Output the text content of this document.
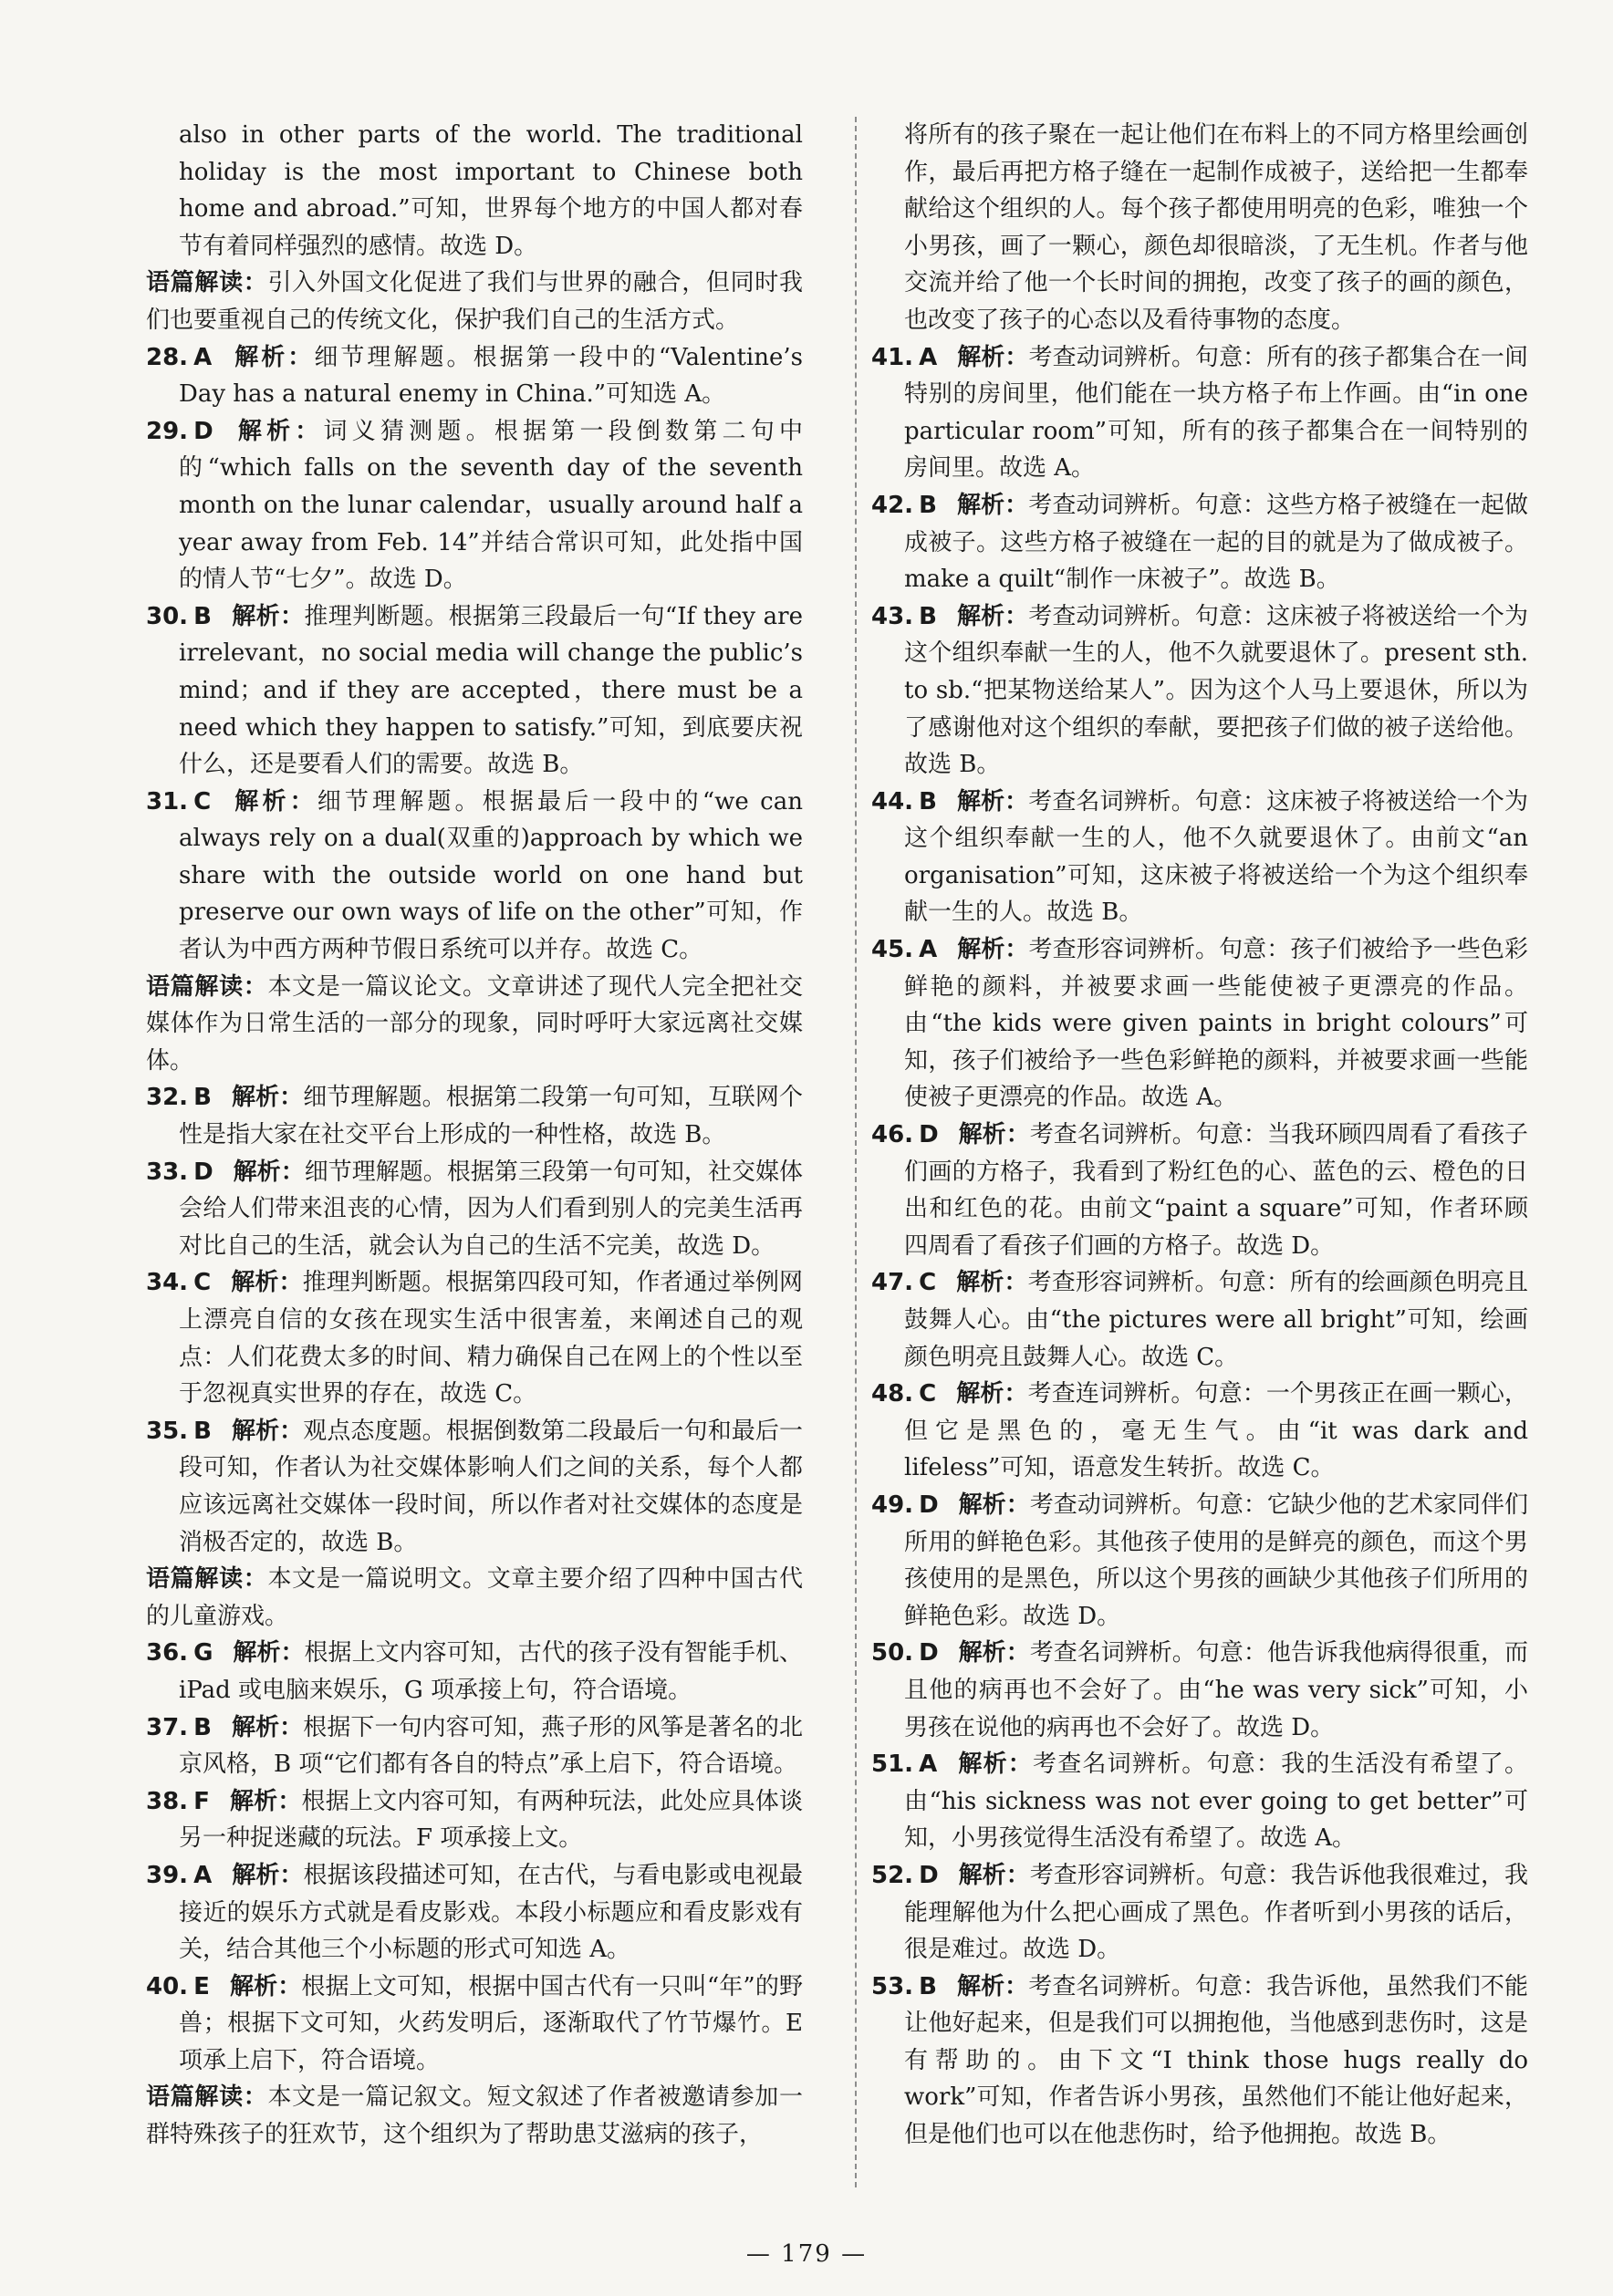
also in other parts of the world. The traditional holiday is the most important to Chinese both home and abroad.”可知，世界每个地方的中国人都对春节有着同样强烈的感情。故选 D。

语篇解读：引入外国文化促进了我们与世界的融合，但同时我们也要重视自己的传统文化，保护我们自己的生活方式。

28. A 解析：细节理解题。根据第一段中的“Valentine’s Day has a natural enemy in China.”可知选 A。

29. D 解析：词义猜测题。根据第一段倒数第二句中的“which falls on the seventh day of the seventh month on the lunar calendar，usually around half a year away from Feb. 14”并结合常识可知，此处指中国的情人节“七夕”。故选 D。

30. B 解析：推理判断题。根据第三段最后一句“If they are irrelevant，no social media will change the public’s mind；and if they are accepted，there must be a need which they happen to satisfy.”可知，到底要庆祝什么，还是要看人们的需要。故选 B。

31. C 解析：细节理解题。根据最后一段中的“we can always rely on a dual(双重的)approach by which we share with the outside world on one hand but preserve our own ways of life on the other”可知，作者认为中西方两种节假日系统可以并存。故选 C。

语篇解读：本文是一篇议论文。文章讲述了现代人完全把社交媒体作为日常生活的一部分的现象，同时呼吁大家远离社交媒体。

32. B 解析：细节理解题。根据第二段第一句可知，互联网个性是指大家在社交平台上形成的一种性格，故选 B。

33. D 解析：细节理解题。根据第三段第一句可知，社交媒体会给人们带来沮丧的心情，因为人们看到别人的完美生活再对比自己的生活，就会认为自己的生活不完美，故选 D。

34. C 解析：推理判断题。根据第四段可知，作者通过举例网上漂亮自信的女孩在现实生活中很害羞，来阐述自己的观点：人们花费太多的时间、精力确保自己在网上的个性以至于忽视真实世界的存在，故选 C。

35. B 解析：观点态度题。根据倒数第二段最后一句和最后一段可知，作者认为社交媒体影响人们之间的关系，每个人都应该远离社交媒体一段时间，所以作者对社交媒体的态度是消极否定的，故选 B。

语篇解读：本文是一篇说明文。文章主要介绍了四种中国古代的儿童游戏。

36. G 解析：根据上文内容可知，古代的孩子没有智能手机、iPad 或电脑来娱乐，G 项承接上句，符合语境。

37. B 解析：根据下一句内容可知，燕子形的风筝是著名的北京风格，B 项“它们都有各自的特点”承上启下，符合语境。

38. F 解析：根据上文内容可知，有两种玩法，此处应具体谈另一种捉迷藏的玩法。F 项承接上文。

39. A 解析：根据该段描述可知，在古代，与看电影或电视最接近的娱乐方式就是看皮影戏。本段小标题应和看皮影戏有关，结合其他三个小标题的形式可知选 A。

40. E 解析：根据上文可知，根据中国古代有一只叫“年”的野兽；根据下文可知，火药发明后，逐渐取代了竹节爆竹。E 项承上启下，符合语境。

语篇解读：本文是一篇记叙文。短文叙述了作者被邀请参加一群特殊孩子的狂欢节，这个组织为了帮助患艾滋病的孩子，

将所有的孩子聚在一起让他们在布料上的不同方格里绘画创作，最后再把方格子缝在一起制作成被子，送给把一生都奉献给这个组织的人。每个孩子都使用明亮的色彩，唯独一个小男孩，画了一颗心，颜色却很暗淡，了无生机。作者与他交流并给了他一个长时间的拥抱，改变了孩子的画的颜色，也改变了孩子的心态以及看待事物的态度。

41. A 解析：考查动词辨析。句意：所有的孩子都集合在一间特别的房间里，他们能在一块方格子布上作画。由“in one particular room”可知，所有的孩子都集合在一间特别的房间里。故选 A。

42. B 解析：考查动词辨析。句意：这些方格子被缝在一起做成被子。这些方格子被缝在一起的目的就是为了做成被子。make a quilt“制作一床被子”。故选 B。

43. B 解析：考查动词辨析。句意：这床被子将被送给一个为这个组织奉献一生的人，他不久就要退休了。present sth. to sb.“把某物送给某人”。因为这个人马上要退休，所以为了感谢他对这个组织的奉献，要把孩子们做的被子送给他。故选 B。

44. B 解析：考查名词辨析。句意：这床被子将被送给一个为这个组织奉献一生的人，他不久就要退休了。由前文“an organisation”可知，这床被子将被送给一个为这个组织奉献一生的人。故选 B。

45. A 解析：考查形容词辨析。句意：孩子们被给予一些色彩鲜艳的颜料，并被要求画一些能使被子更漂亮的作品。由“the kids were given paints in bright colours”可知，孩子们被给予一些色彩鲜艳的颜料，并被要求画一些能使被子更漂亮的作品。故选 A。

46. D 解析：考查名词辨析。句意：当我环顾四周看了看孩子们画的方格子，我看到了粉红色的心、蓝色的云、橙色的日出和红色的花。由前文“paint a square”可知，作者环顾四周看了看孩子们画的方格子。故选 D。

47. C 解析：考查形容词辨析。句意：所有的绘画颜色明亮且鼓舞人心。由“the pictures were all bright”可知，绘画颜色明亮且鼓舞人心。故选 C。

48. C 解析：考查连词辨析。句意：一个男孩正在画一颗心，但它是黑色的，毫无生气。由“it was dark and lifeless”可知，语意发生转折。故选 C。

49. D 解析：考查动词辨析。句意：它缺少他的艺术家同伴们所用的鲜艳色彩。其他孩子使用的是鲜亮的颜色，而这个男孩使用的是黑色，所以这个男孩的画缺少其他孩子们所用的鲜艳色彩。故选 D。

50. D 解析：考查名词辨析。句意：他告诉我他病得很重，而且他的病再也不会好了。由“he was very sick”可知，小男孩在说他的病再也不会好了。故选 D。

51. A 解析：考查名词辨析。句意：我的生活没有希望了。由“his sickness was not ever going to get better”可知，小男孩觉得生活没有希望了。故选 A。

52. D 解析：考查形容词辨析。句意：我告诉他我很难过，我能理解他为什么把心画成了黑色。作者听到小男孩的话后，很是难过。故选 D。

53. B 解析：考查名词辨析。句意：我告诉他，虽然我们不能让他好起来，但是我们可以拥抱他，当他感到悲伤时，这是有帮助的。由下文“I think those hugs really do work”可知，作者告诉小男孩，虽然他们不能让他好起来，但是他们也可以在他悲伤时，给予他拥抱。故选 B。

— 179 —
